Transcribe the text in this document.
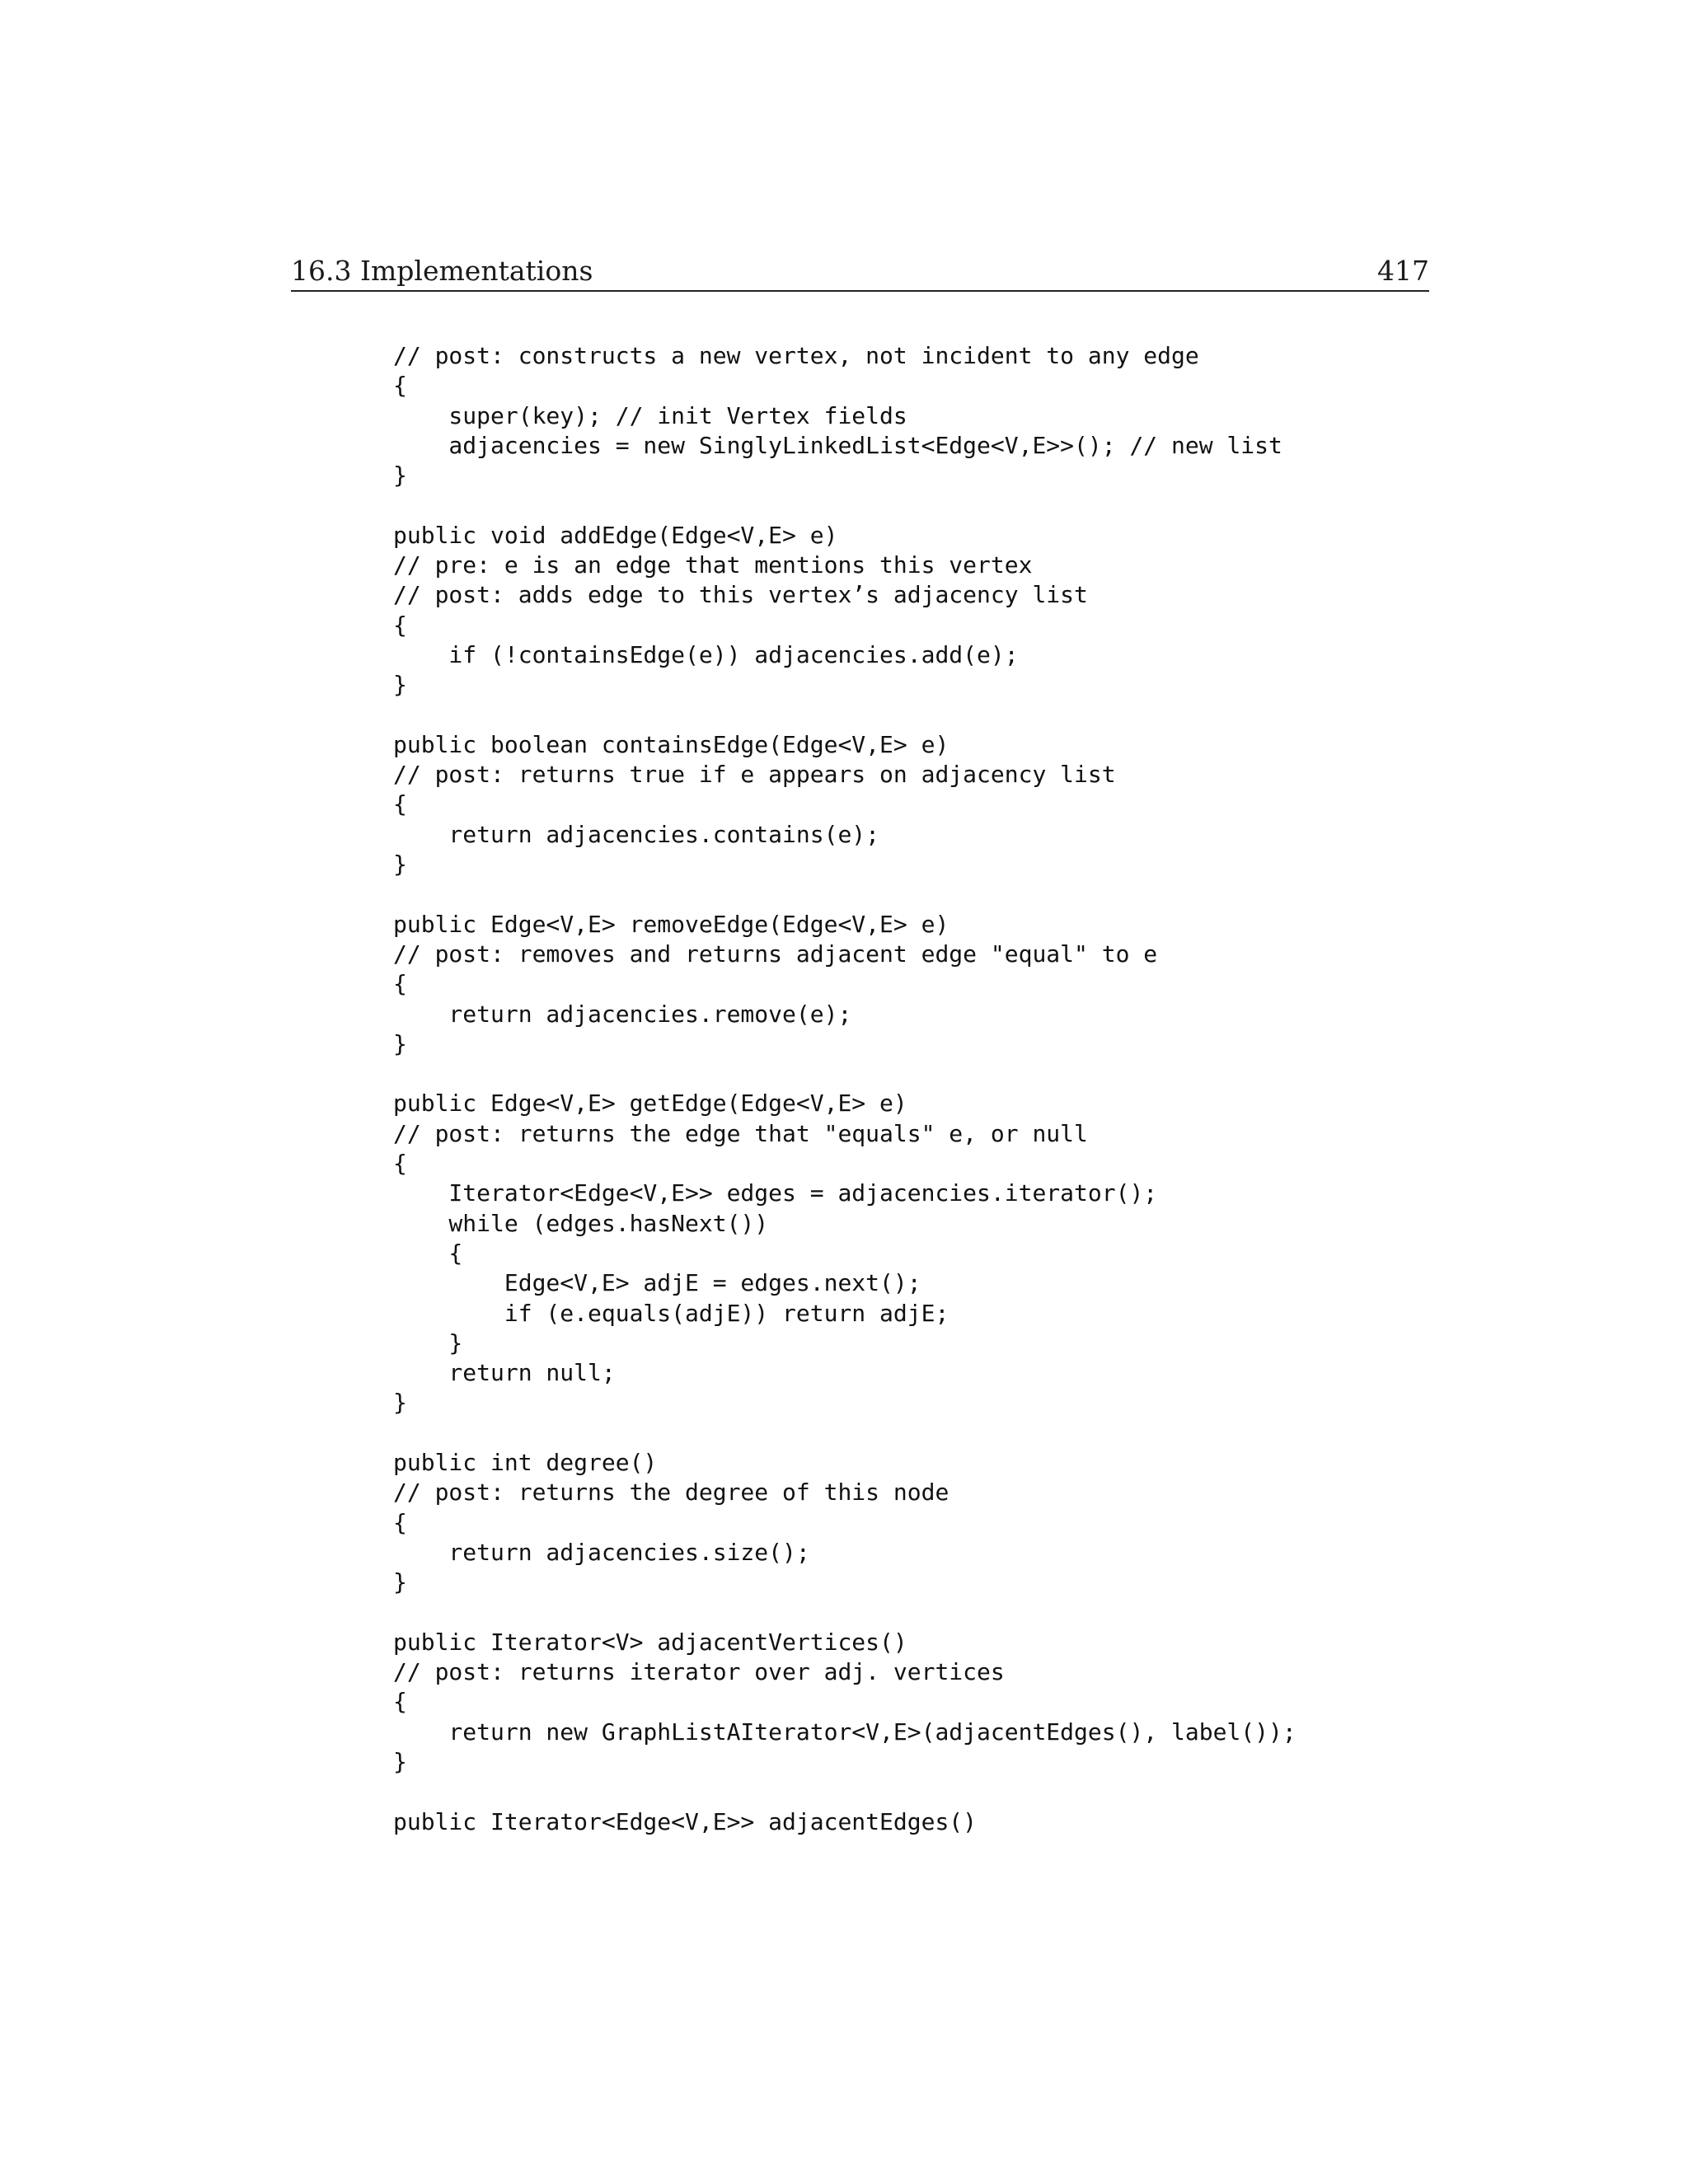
16.3 Implementations	417
// post: constructs a new vertex, not incident to any edge
{
super(key); // init Vertex fields
adjacencies = new SinglyLinkedList<Edge<V,E>>(); // new list
}
public void addEdge(Edge<V,E> e)
// pre: e is an edge that mentions this vertex
// post: adds edge to this vertex’s adjacency list
{
if (!containsEdge(e)) adjacencies.add(e);
}
public boolean containsEdge(Edge<V,E> e)
// post: returns true if e appears on adjacency list
{
return adjacencies.contains(e);
}
public Edge<V,E> removeEdge(Edge<V,E> e)
// post: removes and returns adjacent edge "equal" to e
{
return adjacencies.remove(e);
}
public Edge<V,E> getEdge(Edge<V,E> e)
// post: returns the edge that "equals" e, or null
{
Iterator<Edge<V,E>> edges = adjacencies.iterator();
while (edges.hasNext())
{
Edge<V,E> adjE = edges.next();
if (e.equals(adjE)) return adjE;
}
return null;
}
public int degree()
// post: returns the degree of this node
{
return adjacencies.size();
}
public Iterator<V> adjacentVertices()
// post: returns iterator over adj. vertices
{
return new GraphListAIterator<V,E>(adjacentEdges(), label());
}
public Iterator<Edge<V,E>> adjacentEdges()
